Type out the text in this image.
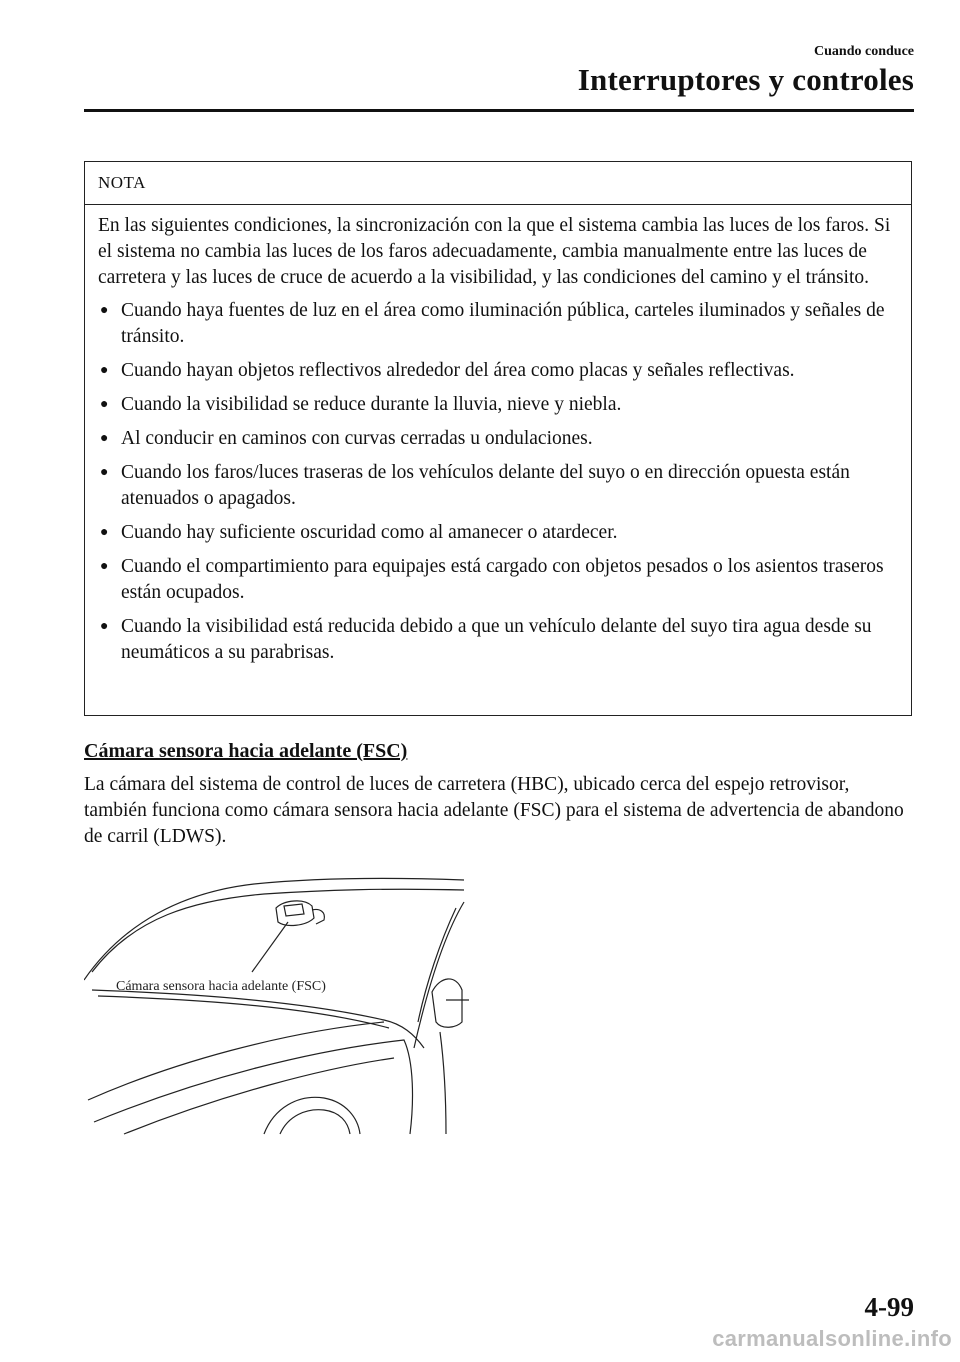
Cuando conduce
Interruptores y controles
NOTA

En las siguientes condiciones, la sincronización con la que el sistema cambia las luces de los faros. Si el sistema no cambia las luces de los faros adecuadamente, cambia manualmente entre las luces de carretera y las luces de cruce de acuerdo a la visibilidad, y las condiciones del camino y el tránsito.

● Cuando haya fuentes de luz en el área como iluminación pública, carteles iluminados y señales de tránsito.
● Cuando hayan objetos reflectivos alrededor del área como placas y señales reflectivas.
● Cuando la visibilidad se reduce durante la lluvia, nieve y niebla.
● Al conducir en caminos con curvas cerradas u ondulaciones.
● Cuando los faros/luces traseras de los vehículos delante del suyo o en dirección opuesta están atenuados o apagados.
● Cuando hay suficiente oscuridad como al amanecer o atardecer.
● Cuando el compartimiento para equipajes está cargado con objetos pesados o los asientos traseros están ocupados.
● Cuando la visibilidad está reducida debido a que un vehículo delante del suyo tira agua desde su neumáticos a su parabrisas.
Cámara sensora hacia adelante (FSC)

La cámara del sistema de control de luces de carretera (HBC), ubicado cerca del espejo retrovisor, también funciona como cámara sensora hacia adelante (FSC) para el sistema de advertencia de abandono de carril (LDWS).

Cámara sensora hacia adelante (FSC)
4-99
carmanualsonline.info
